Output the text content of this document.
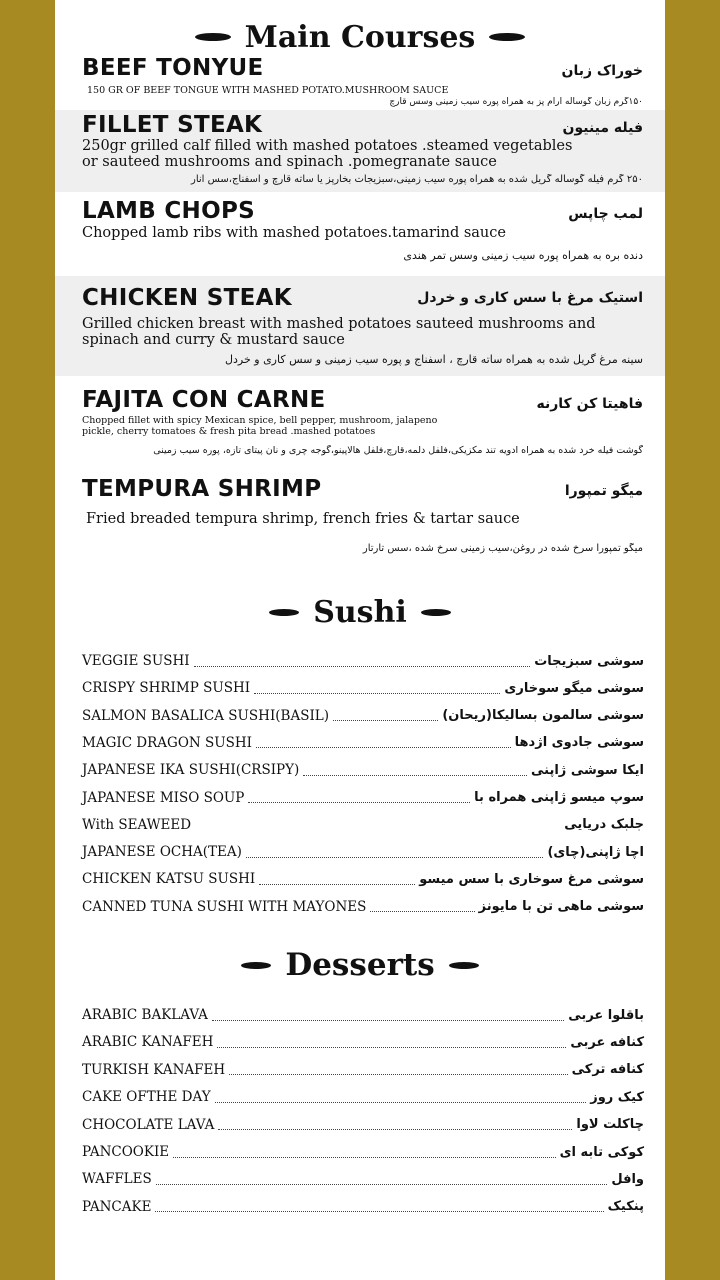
Main Courses
BEEF TONYUE	خوراک زبان
150 GR OF BEEF TONGUE WITH MASHED POTATO.MUSHROOM SAUCE
۱۵۰گرم زبان گوساله آرام پز به همراه پوره سیب زمینی وسس قارچ
FILLET STEAK	فیله مینیون
250gr grilled calf filled with mashed potatoes .steamed vegetables or sauteed mushrooms and spinach .pomegranate sauce
۲۵۰ گرم فیله گوساله گریل شده به همراه پوره سیب زمینی،سبزیجات بخارپز یا ساته قارچ و اسفناج،سس انار
LAMB CHOPS	لمب چاپس
Chopped lamb ribs with mashed potatoes.tamarind sauce
دنده بره به همراه پوره سیب زمینی وسس تمر هندی
CHICKEN STEAK	استیک مرغ با سس کاری و خردل
Grilled chicken breast with mashed potatoes sauteed mushrooms and spinach and curry & mustard sauce
سینه مرغ گریل شده به همراه ساته قارچ ، اسفناج و پوره سیب زمینی و سس کاری و خردل
FAJITA CON CARNE	فاهیتا کن کارنه
Chopped fillet with spicy Mexican spice, bell pepper, mushroom, jalapeno pickle, cherry tomatoes & fresh pita bread .mashed potatoes
گوشت فیله خرد شده به همراه ادویه تند مکزیکی،فلفل دلمه،قارچ،فلفل هالاپینو،گوجه چری و نان پیتای تازه، پوره سیب زمینی
TEMPURA SHRIMP	میگو تمپورا
Fried breaded tempura shrimp, french fries & tartar sauce
میگو تمپورا سرخ شده در روغن،سیب زمینی سرخ شده ،سس تارتار
Sushi
VEGGIE SUSHI	سوشی سبزیجات
CRISPY SHRIMP SUSHI	سوشی میگو سوخاری
SALMON BASALICA SUSHI(BASIL)	سوشی سالمون بسالیکا(ریحان)
MAGIC DRAGON SUSHI	سوشی جادوی اژدها
JAPANESE IKA SUSHI(CRSIPY)	ایکا سوشی ژاپنی
JAPANESE MISO SOUP	سوپ میسو ژاپنی همراه با
With SEAWEED	جلبک دریایی
JAPANESE OCHA(TEA)	اچا ژاپنی(چای)
CHICKEN KATSU SUSHI	سوشی مرغ سوخاری با سس میسو
CANNED TUNA SUSHI WITH MAYONES	سوشی ماهی تن با مایونز
Desserts
ARABIC BAKLAVA	باقلوا عربی
ARABIC KANAFEH	کنافه عربی
TURKISH KANAFEH	کنافه ترکی
CAKE OFTHE DAY	کیک روز
CHOCOLATE LAVA	چاکلت لاوا
PANCOOKIE	کوکی تابه ای
WAFFLES	وافل
PANCAKE	پنکیک
